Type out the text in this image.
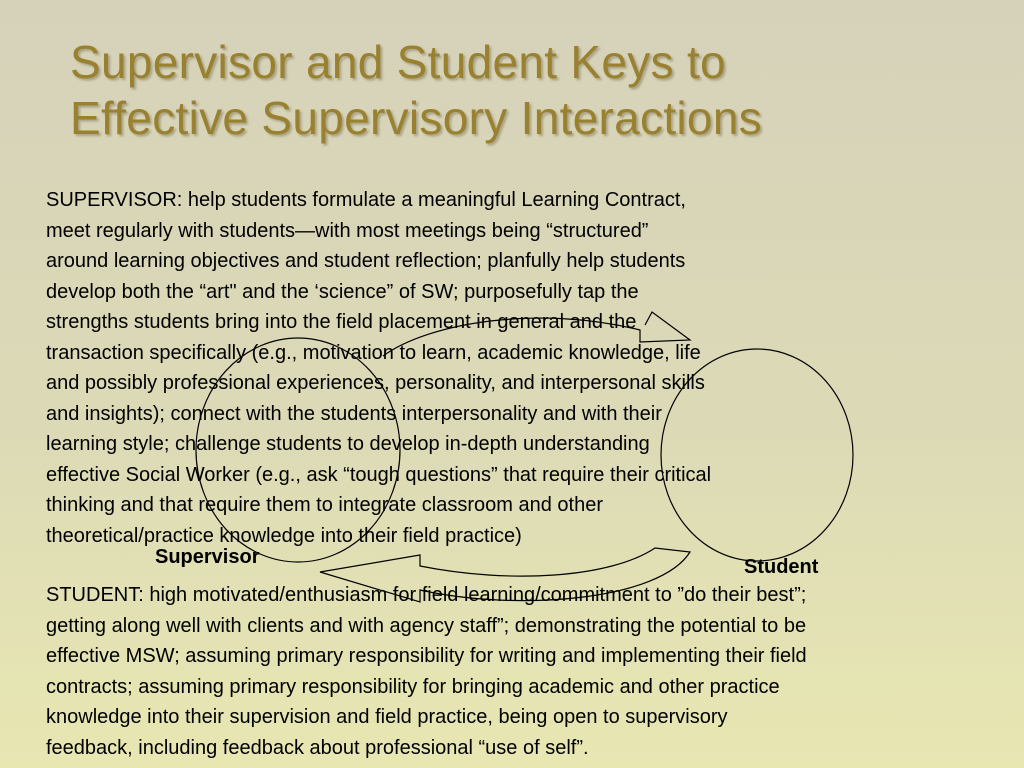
Supervisor and Student Keys to
Effective Supervisory Interactions
SUPERVISOR: help students formulate a meaningful Learning Contract,
meet regularly with students—with most meetings being “structured”
around learning objectives and student reflection; planfully help students
develop both the “art" and the ‘science” of SW; purposefully tap the
strengths students bring into the field placement in general and the
transaction specifically (e.g., motivation to learn, academic knowledge, life
and possibly professional experiences, personality, and interpersonal skills
and insights); connect with the students interpersonality and with their
learning style; challenge students to develop in-depth understanding
effective Social Worker (e.g., ask “tough questions” that require their critical
thinking and that require them to integrate classroom and other
theoretical/practice knowledge into their field practice)
Supervisor	Student
STUDENT: high motivated/enthusiasm for field learning/commitment to ”do their best”;
getting along well with clients and with agency staff”; demonstrating the potential to be
effective MSW; assuming primary responsibility for writing and implementing their field
contracts; assuming primary responsibility for bringing academic and other practice
knowledge into their supervision and field practice, being open to supervisory
feedback, including feedback about professional “use of self”.
